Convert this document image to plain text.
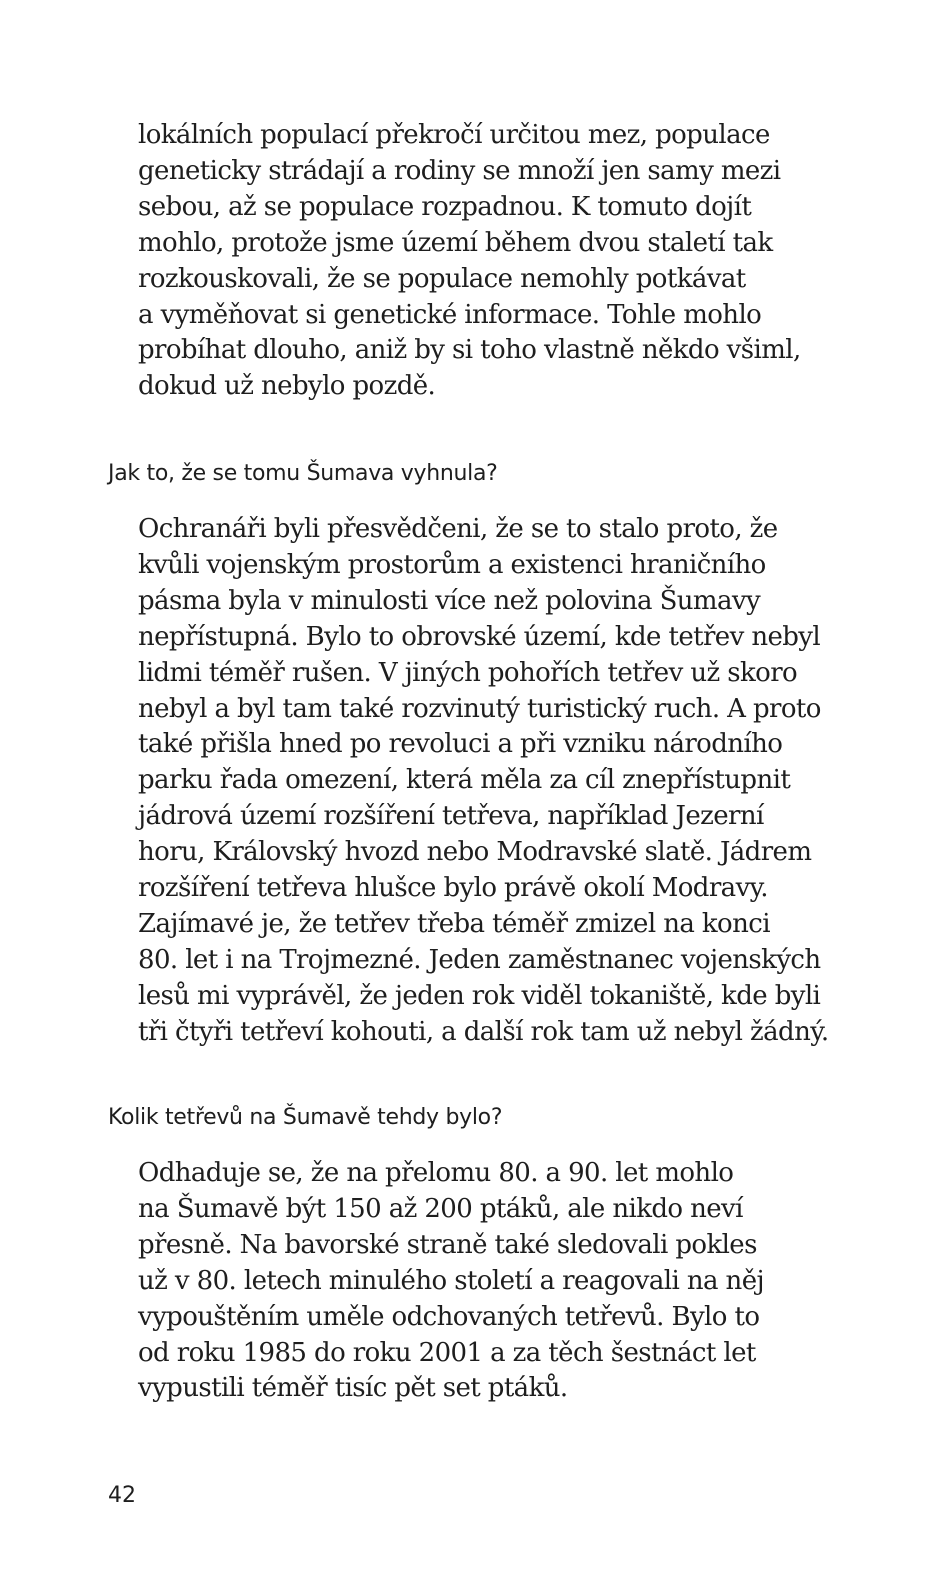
lokálních populací překročí určitou mez, populace
geneticky strádají a rodiny se množí jen samy mezi
sebou, až se populace rozpadnou. K tomuto dojít
mohlo, protože jsme území během dvou staletí tak
rozkouskovali, že se populace nemohly potkávat
a vyměňovat si genetické informace. Tohle mohlo
probíhat dlouho, aniž by si toho vlastně někdo všiml,
dokud už nebylo pozdě.

Jak to, že se tomu Šumava vyhnula?

Ochranáři byli přesvědčeni, že se to stalo proto, že
kvůli vojenským prostorům a existenci hraničního
pásma byla v minulosti více než polovina Šumavy
nepřístupná. Bylo to obrovské území, kde tetřev nebyl
lidmi téměř rušen. V jiných pohořích tetřev už skoro
nebyl a byl tam také rozvinutý turistický ruch. A proto
také přišla hned po revoluci a při vzniku národního
parku řada omezení, která měla za cíl znepřístupnit
jádrová území rozšíření tetřeva, například Jezerní
horu, Královský hvozd nebo Modravské slatě. Jádrem
rozšíření tetřeva hlušce bylo právě okolí Modravy.
Zajímavé je, že tetřev třeba téměř zmizel na konci
80. let i na Trojmezné. Jeden zaměstnanec vojenských
lesů mi vyprávěl, že jeden rok viděl tokaniště, kde byli
tři čtyři tetřeví kohouti, a další rok tam už nebyl žádný.

Kolik tetřevů na Šumavě tehdy bylo?

Odhaduje se, že na přelomu 80. a 90. let mohlo
na Šumavě být 150 až 200 ptáků, ale nikdo neví
přesně. Na bavorské straně také sledovali pokles
už v 80. letech minulého století a reagovali na něj
vypouštěním uměle odchovaných tetřevů. Bylo to
od roku 1985 do roku 2001 a za těch šestnáct let
vypustili téměř tisíc pět set ptáků.

42
